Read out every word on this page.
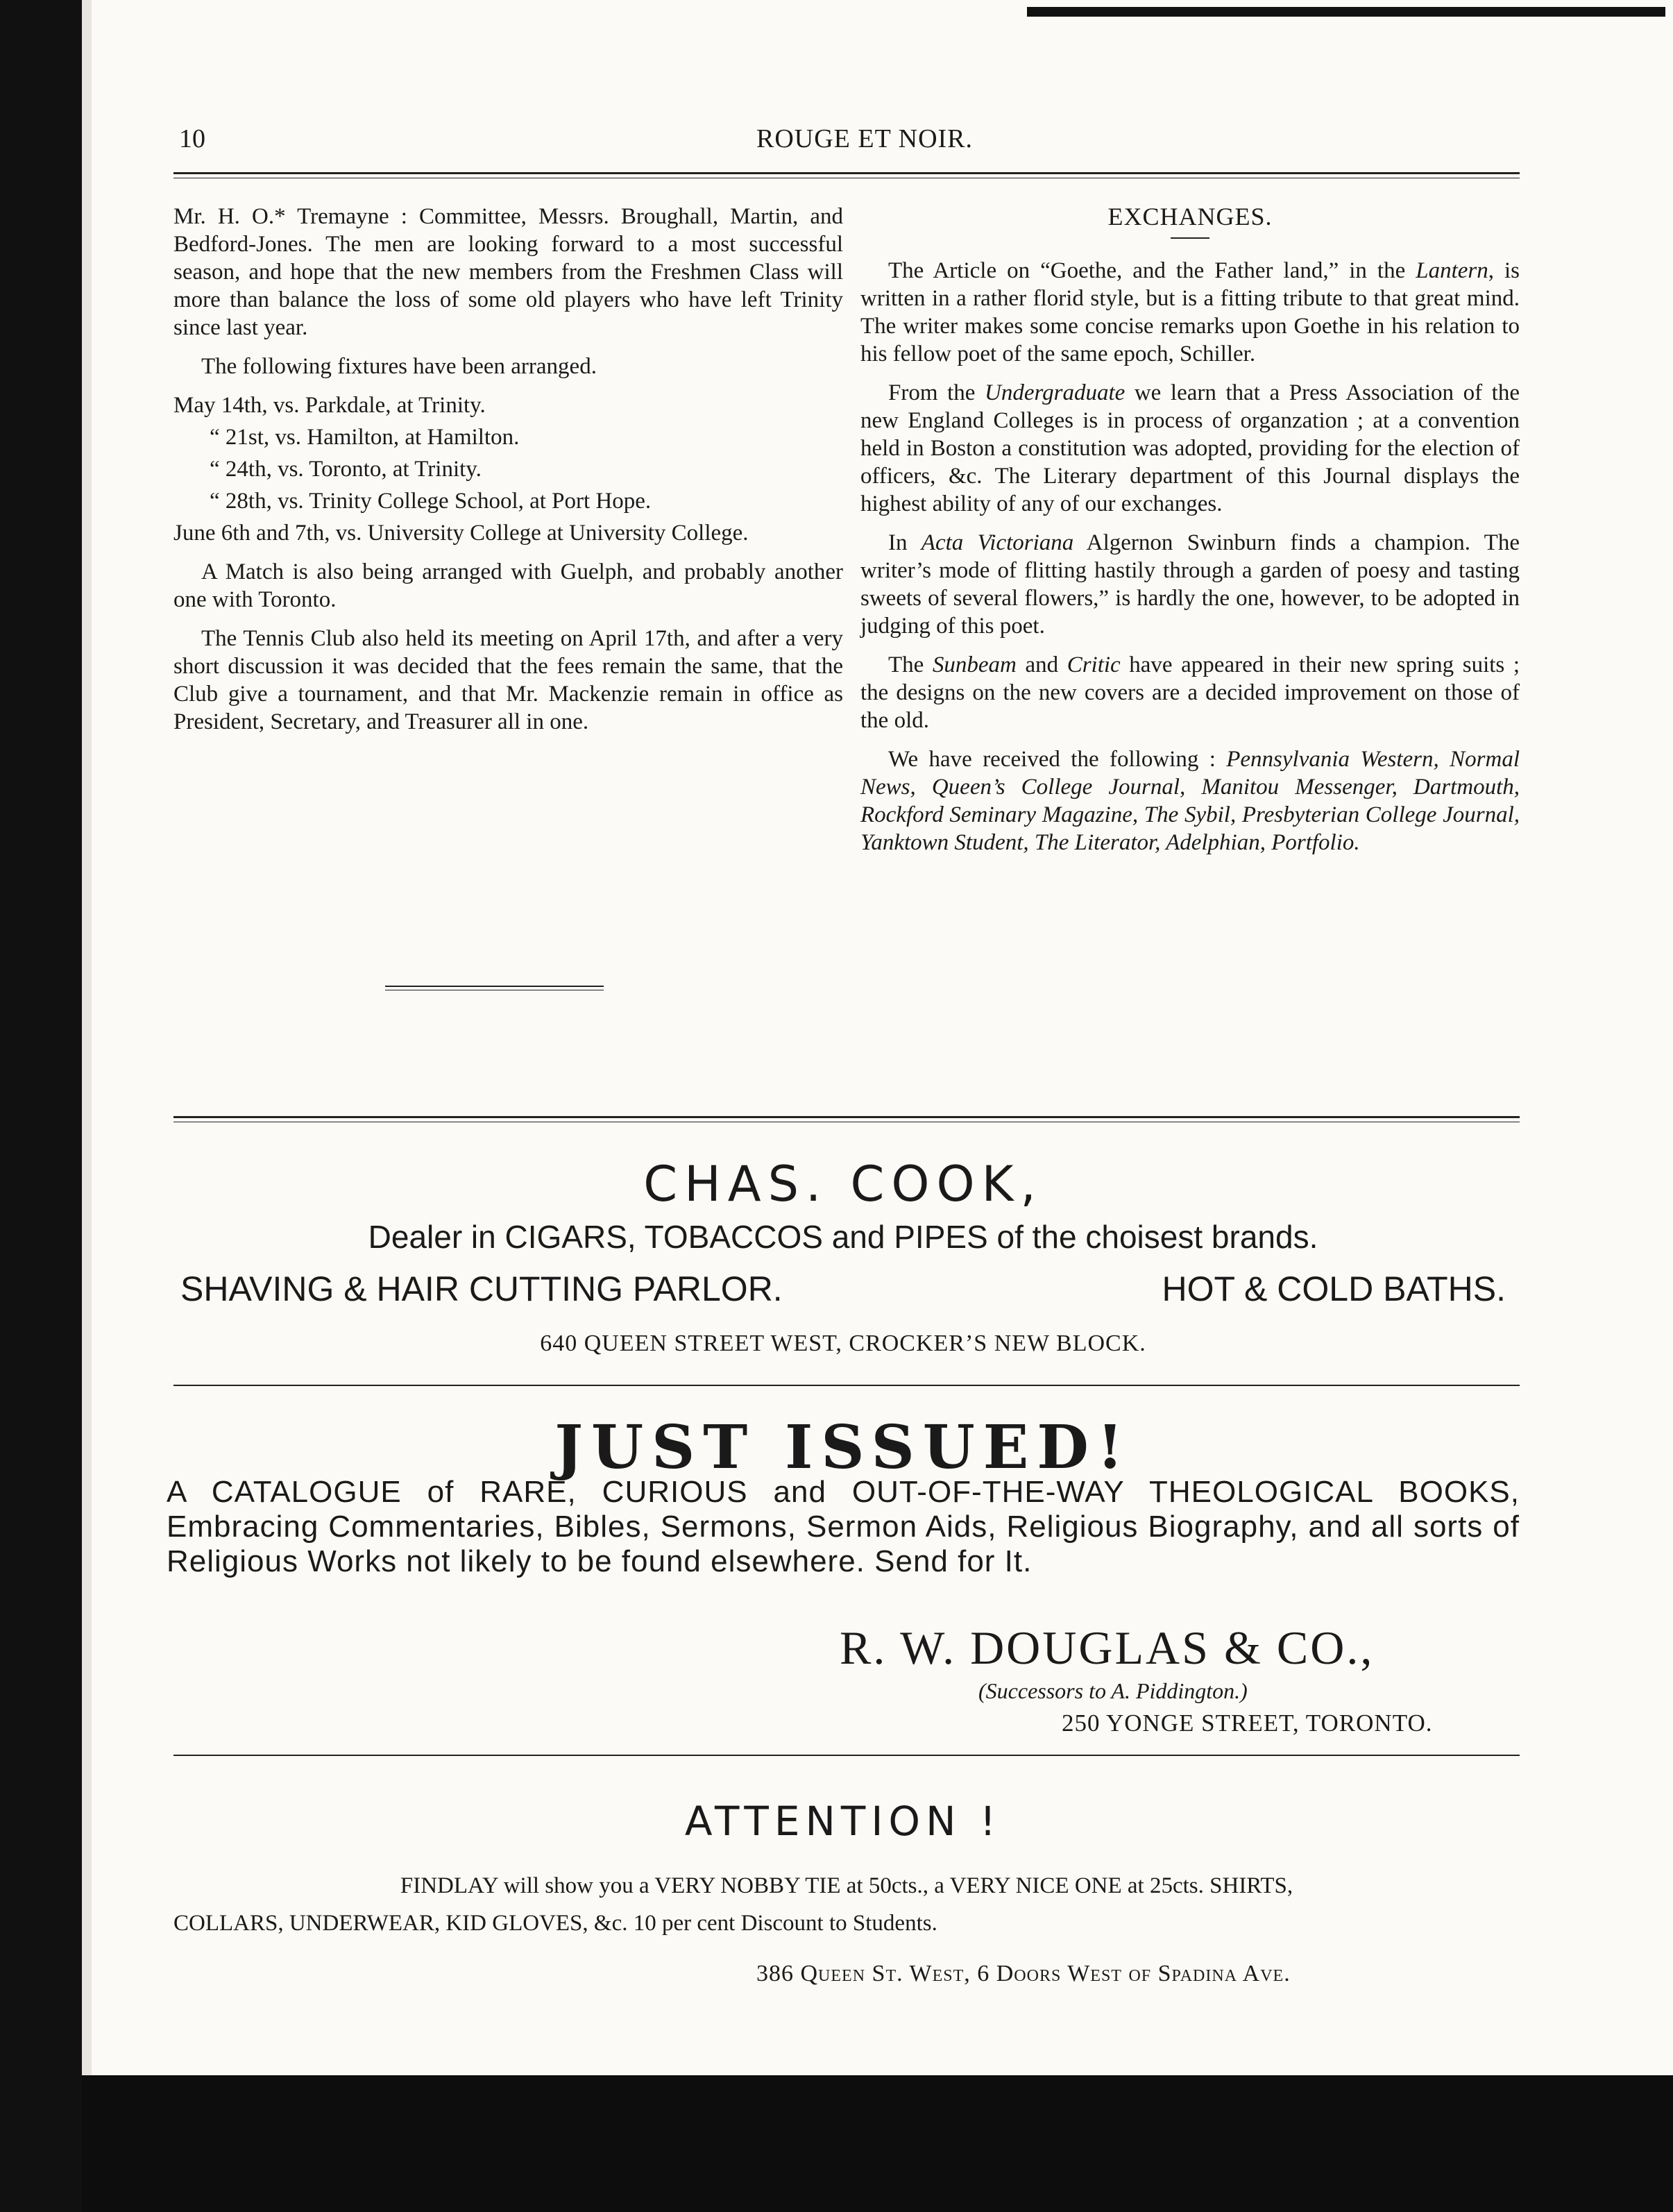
10	ROUGE ET NOIR.

Mr. H. O.* Tremayne : Committee, Messrs. Broughall, Martin, and Bedford-Jones. The men are looking forward to a most successful season, and hope that the new members from the Freshmen Class will more than balance the loss of some old players who have left Trinity since last year.

The following fixtures have been arranged.

May 14th, vs. Parkdale, at Trinity.
“ 21st, vs. Hamilton, at Hamilton.
“ 24th, vs. Toronto, at Trinity.
“ 28th, vs. Trinity College School, at Port Hope.
June 6th and 7th, vs. University College at University College.

A Match is also being arranged with Guelph, and probably another one with Toronto.

The Tennis Club also held its meeting on April 17th, and after a very short discussion it was decided that the fees remain the same, that the Club give a tournament, and that Mr. Mackenzie remain in office as President, Secretary, and Treasurer all in one.

EXCHANGES.

The Article on “Goethe, and the Father land,” in the Lantern, is written in a rather florid style, but is a fitting tribute to that great mind. The writer makes some concise remarks upon Goethe in his relation to his fellow poet of the same epoch, Schiller.

From the Undergraduate we learn that a Press Association of the new England Colleges is in process of organzation ; at a convention held in Boston a constitution was adopted, providing for the election of officers, &c. The Literary department of this Journal displays the highest ability of any of our exchanges.

In Acta Victoriana Algernon Swinburn finds a champion. The writer’s mode of flitting hastily through a garden of poesy and tasting sweets of several flowers,” is hardly the one, however, to be adopted in judging of this poet.

The Sunbeam and Critic have appeared in their new spring suits ; the designs on the new covers are a decided improvement on those of the old.

We have received the following : Pennsylvania Western, Normal News, Queen’s College Journal, Manitou Messenger, Dartmouth, Rockford Seminary Magazine, The Sybil, Presbyterian College Journal, Yanktown Student, The Literator, Adelphian, Portfolio.

CHAS. COOK,
Dealer in CIGARS, TOBACCOS and PIPES of the choisest brands.
SHAVING & HAIR CUTTING PARLOR.	HOT & COLD BATHS.
640 QUEEN STREET WEST, CROCKER’S NEW BLOCK.
JUST ISSUED!
A CATALOGUE of RARE, CURIOUS and OUT-OF-THE-WAY THEOLOGICAL BOOKS, Embracing Commentaries, Bibles, Sermons, Sermon Aids, Religious Biography, and all sorts of Religious Works not likely to be found elsewhere. Send for It.
R. W. DOUGLAS & CO.,
(Successors to A. Piddington.)
250 YONGE STREET, TORONTO.
ATTENTION !
FINDLAY will show you a VERY NOBBY TIE at 50cts., a VERY NICE ONE at 25cts. SHIRTS,
COLLARS, UNDERWEAR, KID GLOVES, &c. 10 per cent Discount to Students.
386 Queen St. West, 6 Doors West of Spadina Ave.
